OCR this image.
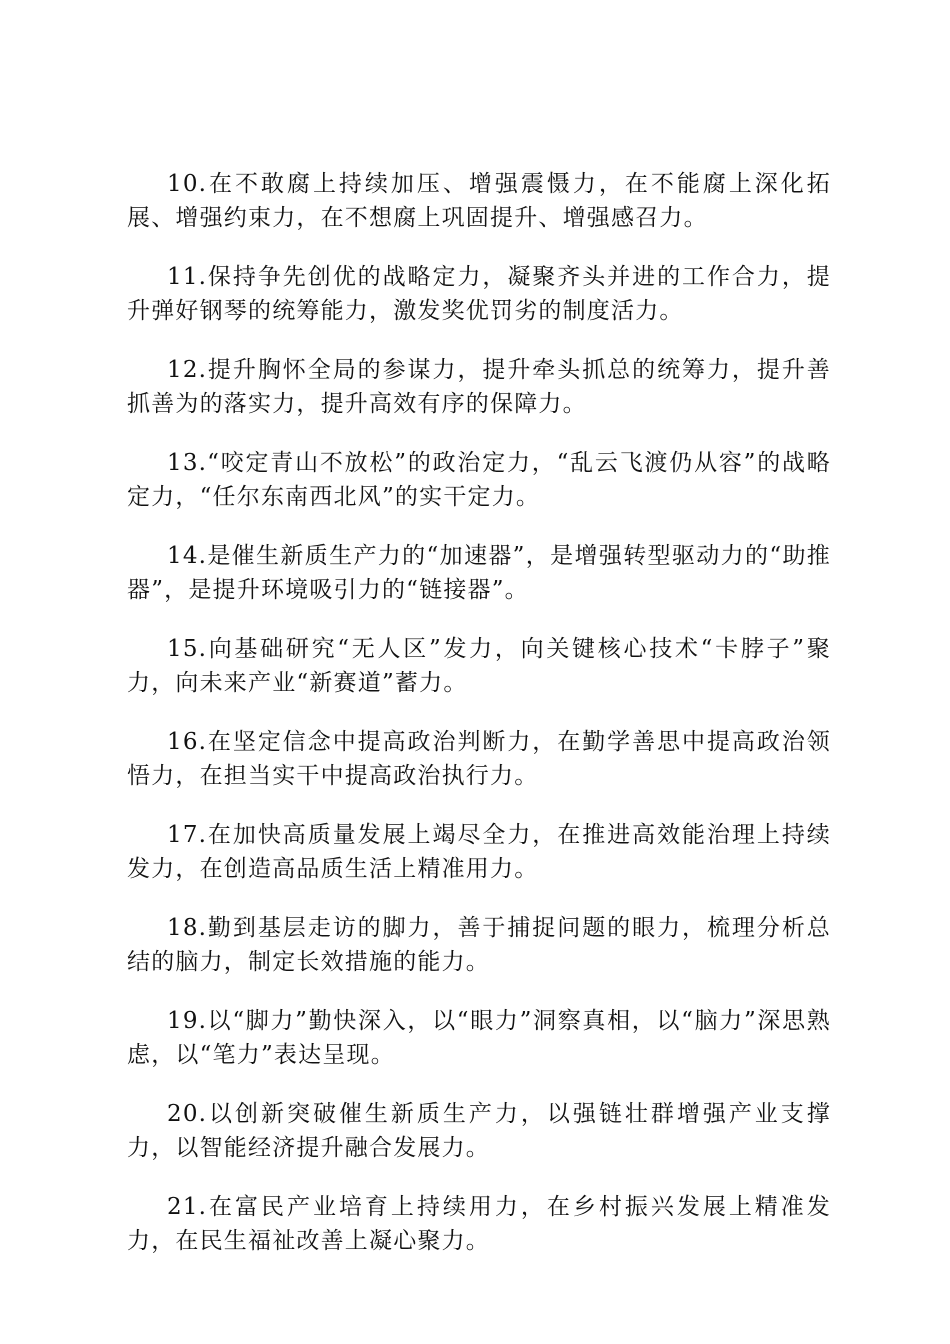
10.在不敢腐上持续加压、增强震慑力，在不能腐上深化拓展、增强约束力，在不想腐上巩固提升、增强感召力。

11.保持争先创优的战略定力，凝聚齐头并进的工作合力，提升弹好钢琴的统筹能力，激发奖优罚劣的制度活力。

12.提升胸怀全局的参谋力，提升牵头抓总的统筹力，提升善抓善为的落实力，提升高效有序的保障力。

13.“咬定青山不放松”的政治定力，“乱云飞渡仍从容”的战略定力，“任尔东南西北风”的实干定力。

14.是催生新质生产力的“加速器”，是增强转型驱动力的“助推器”，是提升环境吸引力的“链接器”。

15.向基础研究“无人区”发力，向关键核心技术“卡脖子”聚力，向未来产业“新赛道”蓄力。

16.在坚定信念中提高政治判断力，在勤学善思中提高政治领悟力，在担当实干中提高政治执行力。

17.在加快高质量发展上竭尽全力，在推进高效能治理上持续发力，在创造高品质生活上精准用力。

18.勤到基层走访的脚力，善于捕捉问题的眼力，梳理分析总结的脑力，制定长效措施的能力。

19.以“脚力”勤快深入，以“眼力”洞察真相，以“脑力”深思熟虑，以“笔力”表达呈现。

20.以创新突破催生新质生产力，以强链壮群增强产业支撑力，以智能经济提升融合发展力。

21.在富民产业培育上持续用力，在乡村振兴发展上精准发力，在民生福祉改善上凝心聚力。
